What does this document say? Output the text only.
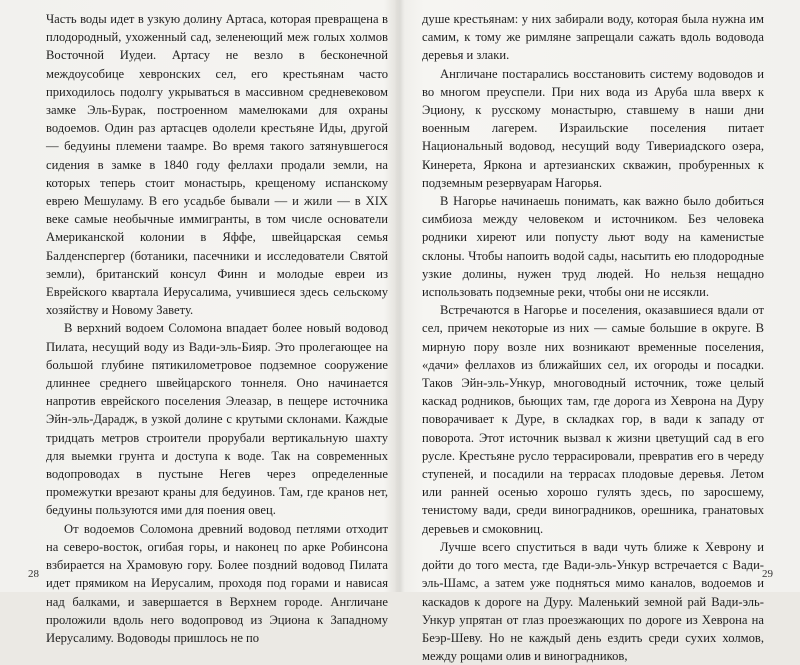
Часть воды идет в узкую долину Артаса, которая превращена в плодородный, ухоженный сад, зеленеющий меж голых холмов Восточной Иудеи. Артасу не везло в бесконечной междоусобице хевронских сел, его крестьянам часто приходилось подолгу укрываться в массивном средневековом замке Эль-Бурак, построенном мамелюками для охраны водоемов. Один раз артасцев одолели крестьяне Иды, другой — бедуины племени таамре. Во время такого затянувшегося сидения в замке в 1840 году феллахи продали земли, на которых теперь стоит монастырь, крещеному испанскому еврею Мешуламу. В его усадьбе бывали — и жили — в XIX веке самые необычные иммигранты, в том числе основатели Американской колонии в Яффе, швейцарская семья Балденспергер (ботаники, пасечники и исследователи Святой земли), британский консул Финн и молодые евреи из Еврейского квартала Иерусалима, учившиеся здесь сельскому хозяйству и Новому Завету.

В верхний водоем Соломона впадает более новый водовод Пилата, несущий воду из Вади-эль-Бияр. Это пролегающее на большой глубине пятикилометровое подземное сооружение длиннее среднего швейцарского тоннеля. Оно начинается напротив еврейского поселения Элеазар, в пещере источника Эйн-эль-Дарадж, в узкой долине с крутыми склонами. Каждые тридцать метров строители прорубали вертикальную шахту для выемки грунта и доступа к воде. Так на современных водопроводах в пустыне Негев через определенные промежутки врезают краны для бедуинов. Там, где кранов нет, бедуины пользуются ими для поения овец.

От водоемов Соломона древний водовод петлями отходит на северо-восток, огибая горы, и наконец по арке Робинсона взбирается на Храмовую гору. Более поздний водовод Пилата идет прямиком на Иерусалим, проходя под горами и нависая над балками, и завершается в Верхнем городе. Англичане проложили вдоль него водопровод из Эциона к Западному Иерусалиму. Водоводы пришлось не по

душе крестьянам: у них забирали воду, которая была нужна им самим, к тому же римляне запрещали сажать вдоль водовода деревья и злаки.

Англичане постарались восстановить систему водоводов и во многом преуспели. При них вода из Аруба шла вверх к Эциону, к русскому монастырю, ставшему в наши дни военным лагерем. Израильские поселения питает Национальный водовод, несущий воду Тивериадского озера, Кинерета, Яркона и артезианских скважин, пробуренных к подземным резервуарам Нагорья.

В Нагорье начинаешь понимать, как важно было добиться симбиоза между человеком и источником. Без человека родники хиреют или попусту льют воду на каменистые склоны. Чтобы напоить водой сады, насытить ею плодородные узкие долины, нужен труд людей. Но нельзя нещадно использовать подземные реки, чтобы они не иссякли.

Встречаются в Нагорье и поселения, оказавшиеся вдали от сел, причем некоторые из них — самые большие в округе. В мирную пору возле них возникают временные поселения, «дачи» феллахов из ближайших сел, их огороды и посадки. Таков Эйн-эль-Ункур, многоводный источник, тоже целый каскад родников, бьющих там, где дорога из Хеврона на Дуру поворачивает к Дуре, в складках гор, в вади к западу от поворота. Этот источник вызвал к жизни цветущий сад в его русле. Крестьяне русло террасировали, превратив его в череду ступеней, и посадили на террасах плодовые деревья. Летом или ранней осенью хорошо гулять здесь, по заросшему, тенистому вади, среди виноградников, орешника, гранатовых деревьев и смоковниц.

Лучше всего спуститься в вади чуть ближе к Хеврону и дойти до того места, где Вади-эль-Ункур встречается с Вади-эль-Шамс, а затем уже подняться мимо каналов, водоемов и каскадов к дороге на Дуру. Маленький земной рай Вади-эль-Ункур упрятан от глаз проезжающих по дороге из Хеврона на Беэр-Шеву. Но не каждый день ездить среди сухих холмов, между рощами олив и виноградников,

28	29
